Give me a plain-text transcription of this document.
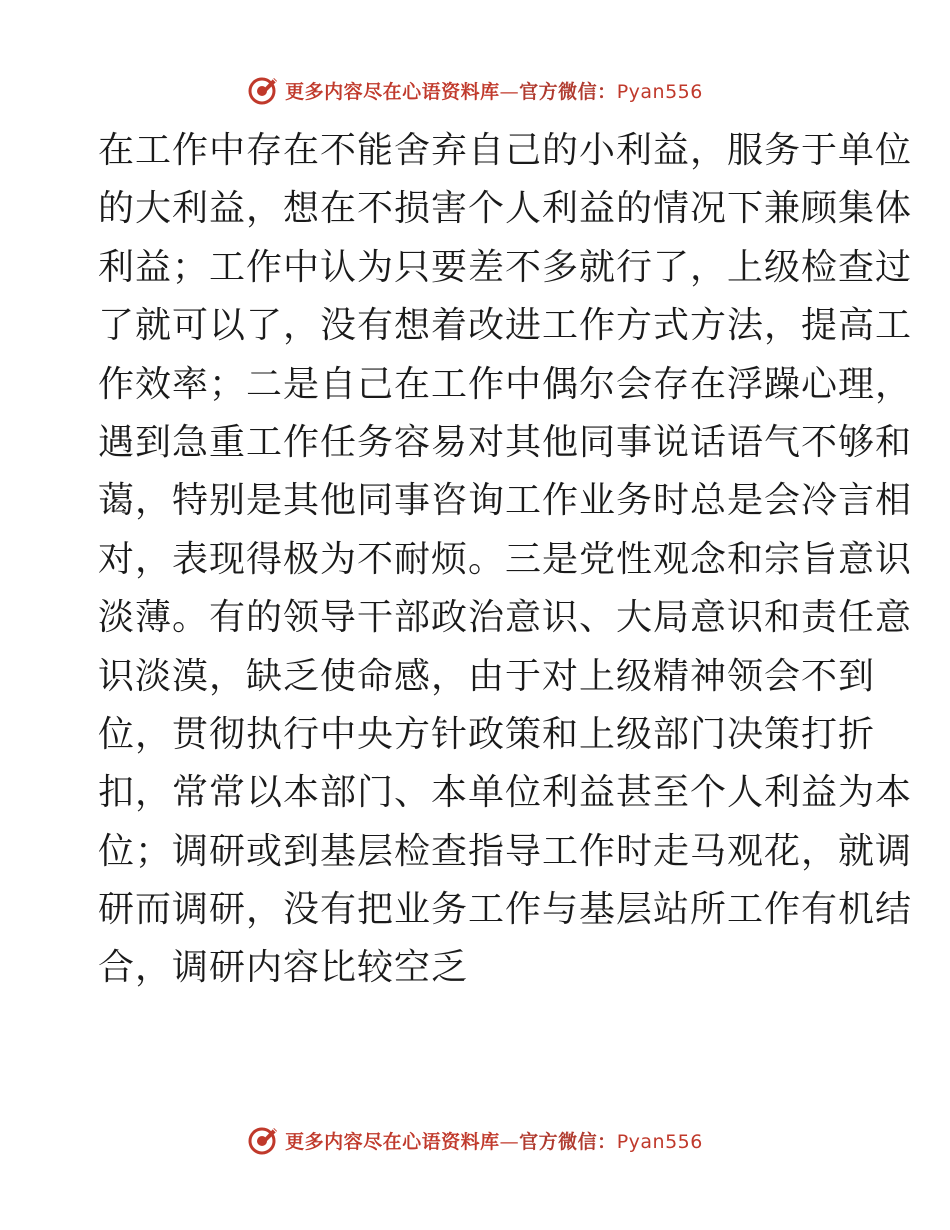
更多内容尽在心语资料库—官方微信：Pyan556
在工作中存在不能舍弃自己的小利益，服务于单位
的大利益，想在不损害个人利益的情况下兼顾集体
利益；工作中认为只要差不多就行了，上级检查过
了就可以了，没有想着改进工作方式方法，提高工
作效率；二是自己在工作中偶尔会存在浮躁心理，
遇到急重工作任务容易对其他同事说话语气不够和
蔼，特别是其他同事咨询工作业务时总是会冷言相
对，表现得极为不耐烦。三是党性观念和宗旨意识
淡薄。有的领导干部政治意识、大局意识和责任意
识淡漠，缺乏使命感，由于对上级精神领会不到
位，贯彻执行中央方针政策和上级部门决策打折
扣，常常以本部门、本单位利益甚至个人利益为本
位；调研或到基层检查指导工作时走马观花，就调
研而调研，没有把业务工作与基层站所工作有机结
合，调研内容比较空乏
更多内容尽在心语资料库—官方微信：Pyan556
